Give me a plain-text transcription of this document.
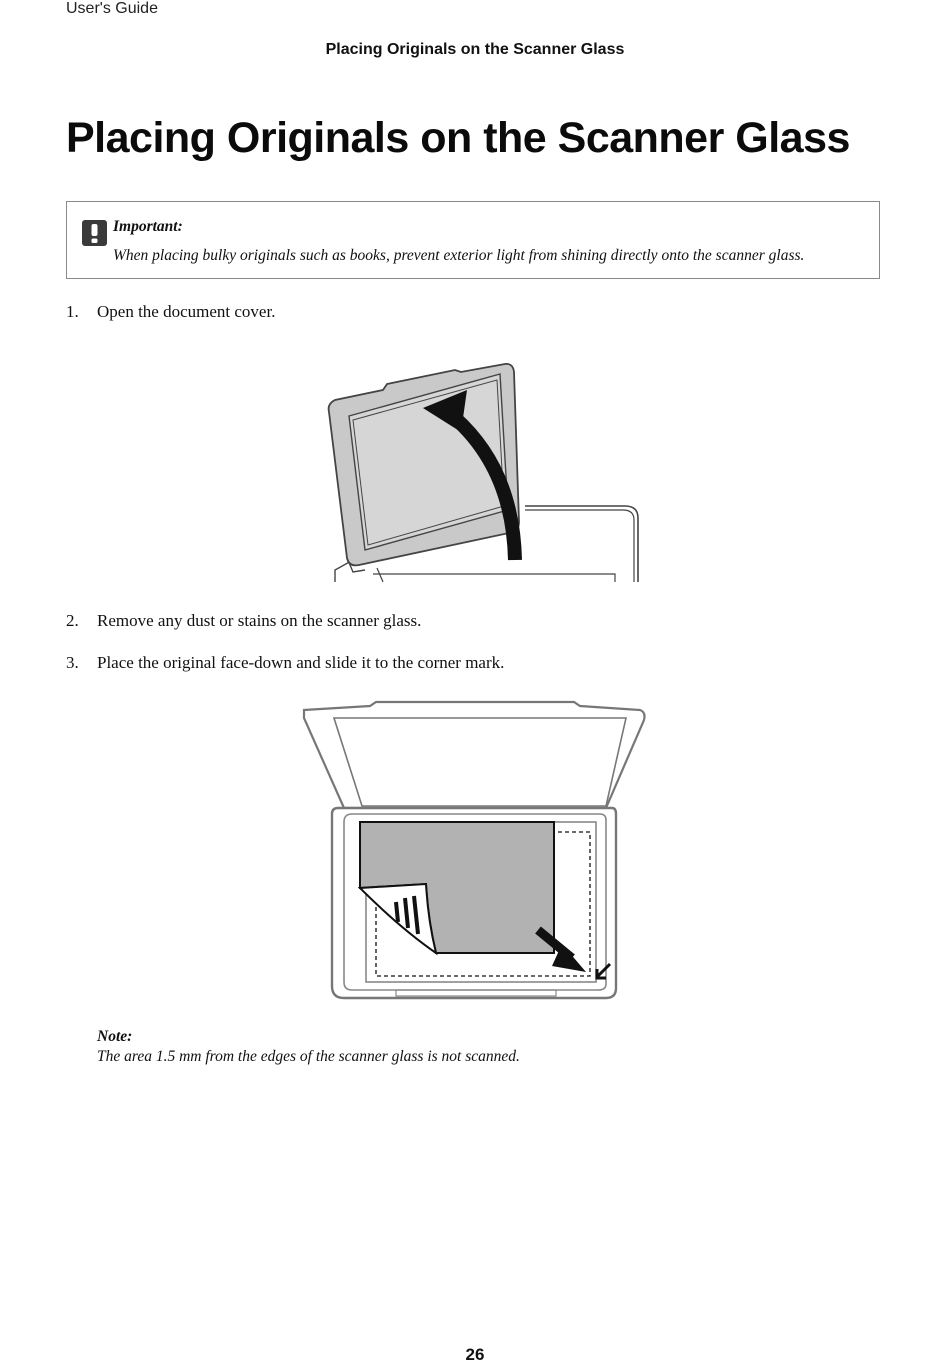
User's Guide
Placing Originals on the Scanner Glass
Placing Originals on the Scanner Glass
Important:
When placing bulky originals such as books, prevent exterior light from shining directly onto the scanner glass.
1. Open the document cover.
2. Remove any dust or stains on the scanner glass.
3. Place the original face-down and slide it to the corner mark.
Note:
The area 1.5 mm from the edges of the scanner glass is not scanned.
26
